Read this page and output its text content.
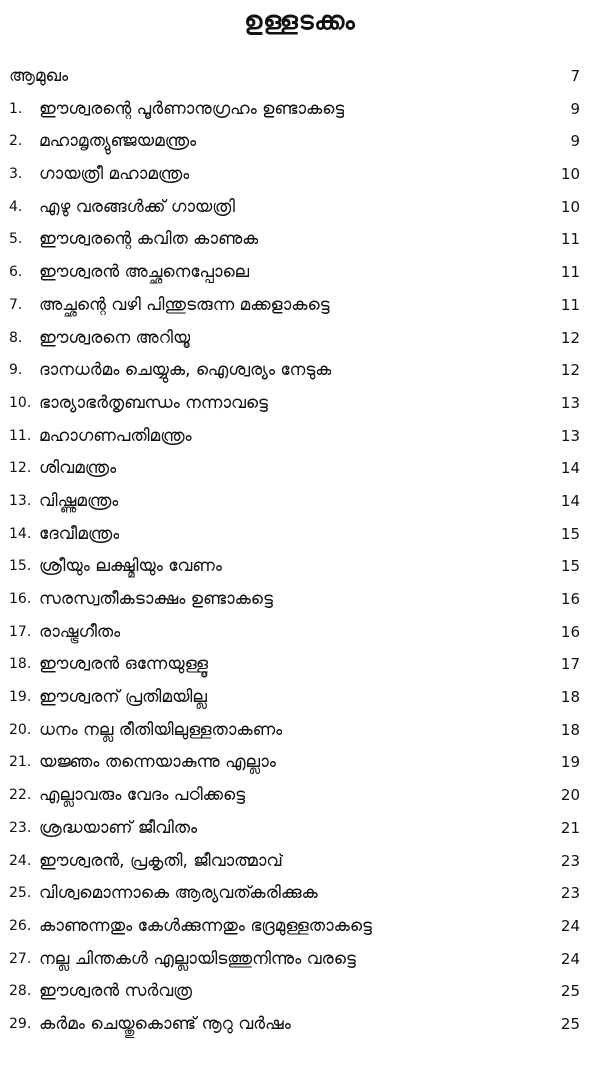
ഉള്ളടക്കം
ആമുഖം	7
1. ഈശ്വരന്റെ പൂർണാനുഗ്രഹം ഉണ്ടാകട്ടെ	9
2. മഹാമൃത്യുഞ്ജയമന്ത്രം	9
3. ഗായത്രീ മഹാമന്ത്രം	10
4. എഴു വരങ്ങൾക്ക് ഗായത്രി	10
5. ഈശ്വരന്റെ കവിത കാണുക	11
6. ഈശ്വരൻ അച്ഛനെപ്പോലെ	11
7. അച്ഛന്റെ വഴി പിന്തുടരുന്ന മക്കളാകട്ടെ	11
8. ഈശ്വരനെ അറിയൂ	12
9. ദാനധർമം ചെയ്യുക, ഐശ്വര്യം നേടുക	12
10. ഭാര്യാഭർതൃബന്ധം നന്നാവട്ടെ	13
11. മഹാഗണപതിമന്ത്രം	13
12. ശിവമന്ത്രം	14
13. വിഷ്ണുമന്ത്രം	14
14. ദേവീമന്ത്രം	15
15. ശ്രീയും ലക്ഷ്മിയും വേണം	15
16. സരസ്വതീകടാക്ഷം ഉണ്ടാകട്ടെ	16
17. രാഷ്ട്രഗീതം	16
18. ഈശ്വരൻ ഒന്നേയുള്ളൂ	17
19. ഈശ്വരന് പ്രതിമയില്ല	18
20. ധനം നല്ല രീതിയിലുള്ളതാകണം	18
21. യജ്ഞം തന്നെയാകുന്നു എല്ലാം	19
22. എല്ലാവരും വേദം പഠിക്കട്ടെ	20
23. ശ്രദ്ധയാണ് ജീവിതം	21
24. ഈശ്വരൻ, പ്രകൃതി, ജീവാത്മാവ്	23
25. വിശ്വമൊന്നാകെ ആര്യവത്കരിക്കുക	23
26. കാണുന്നതും കേൾക്കുന്നതും ഭദ്രമുള്ളതാകട്ടെ	24
27. നല്ല ചിന്തകൾ എല്ലായിടത്തുനിന്നും വരട്ടെ	24
28. ഈശ്വരൻ സർവത്ര	25
29. കർമം ചെയ്തുകൊണ്ട് നൂറു വർഷം	25
